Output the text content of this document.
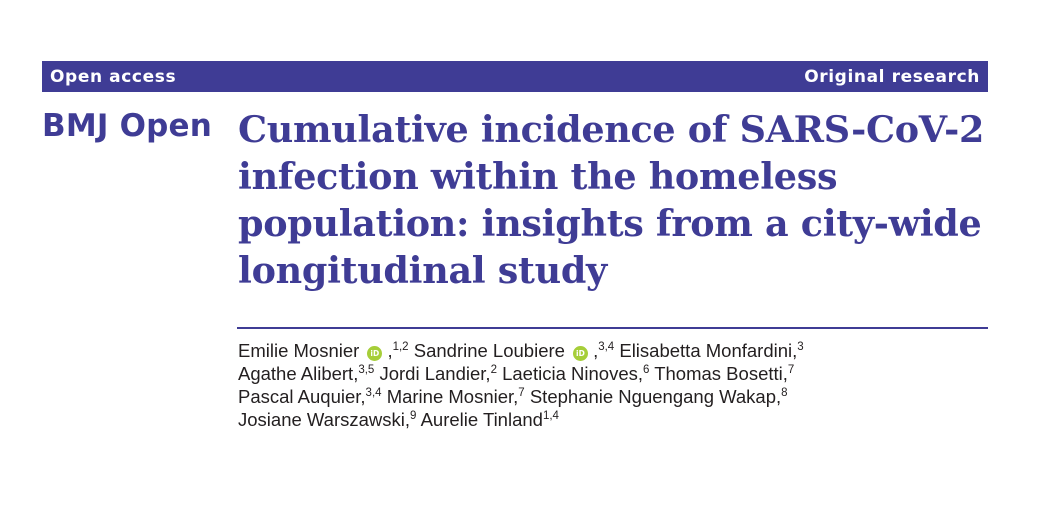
Open access	Original research
BMJ Open Cumulative incidence of SARS-CoV-2
infection within the homeless
population: insights from a city-wide
longitudinal study
Emilie Mosnier iD ,$^{1,2}$ Sandrine Loubiere iD ,$^{3,4}$ Elisabetta Monfardini,$^3$
Agathe Alibert,$^{3,5}$ Jordi Landier,$^2$ Laeticia Ninoves,$^6$ Thomas Bosetti,$^7$
Pascal Auquier,$^{3,4}$ Marine Mosnier,$^7$ Stephanie Nguengang Wakap,$^8$
Josiane Warszawski,$^9$ Aurelie Tinland$^{1,4}$
